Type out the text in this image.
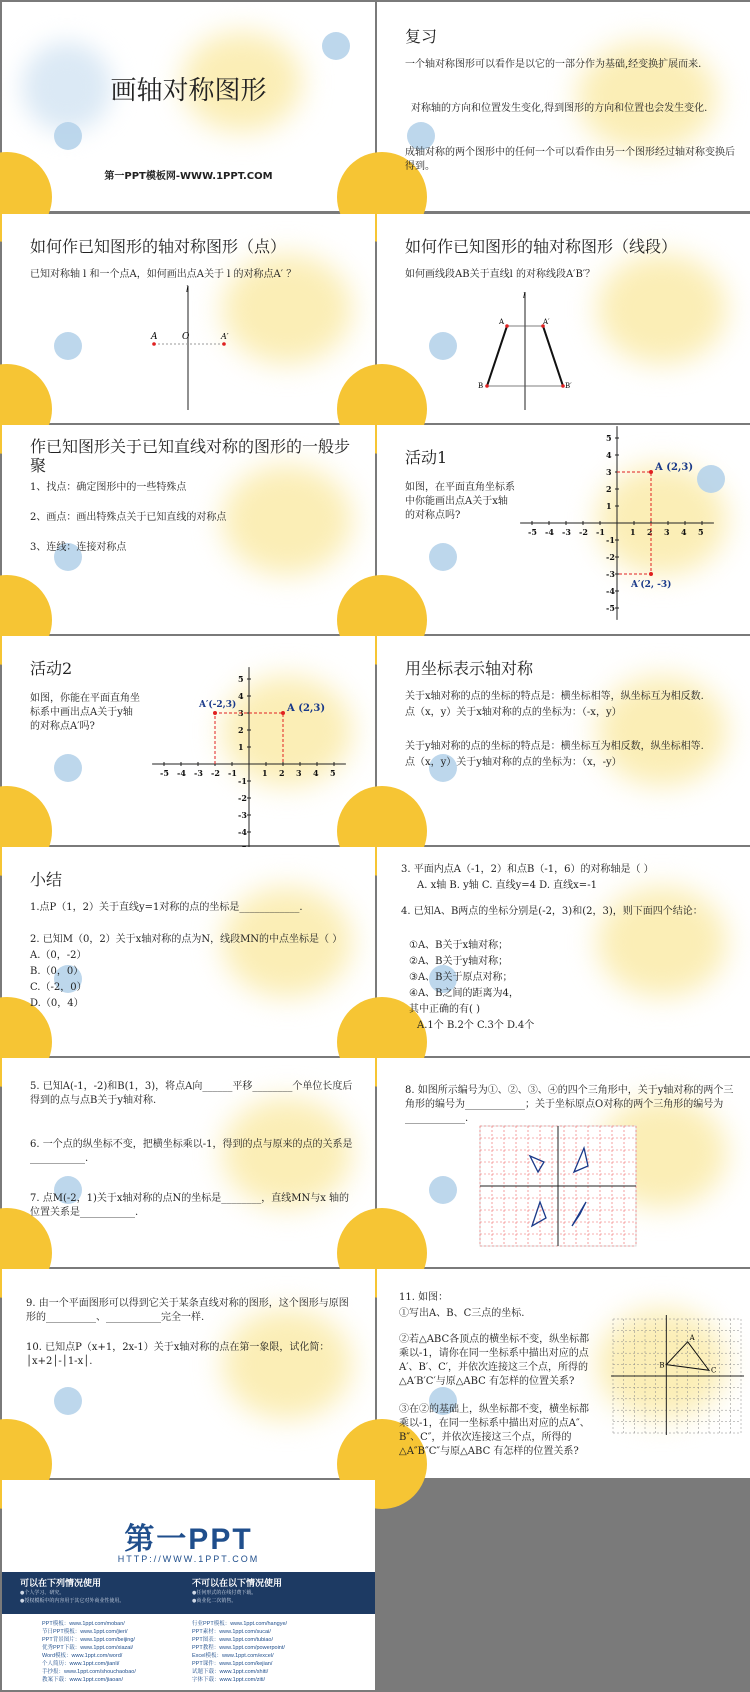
画轴对称图形
第一PPT模板网-WWW.1PPT.COM
复习
一个轴对称图形可以看作是以它的一部分作为基础,经变换扩展而来.
对称轴的方向和位置发生变化,得到图形的方向和位置也会发生变化.
成轴对称的两个图形中的任何一个可以看作由另一个图形经过轴对称变换后得到。
如何作已知图形的轴对称图形（点）
已知对称轴 l 和一个点A，如何画出点A关于 l 的对称点A′ ？
l
A	O	A′
如何作已知图形的轴对称图形（线段）
如何画线段AB关于直线l 的对称线段A′B′？
l
A	A′
B	B′
作已知图形关于已知直线对称的图形的一般步聚
1、找点：确定图形中的一些特殊点
2、画点：画出特殊点关于已知直线的对称点
3、连线：连接对称点
活动1
如图，在平面直角坐标系中你能画出点A关于x轴的对称点吗?
-5
-5
-4
-4
-3
-3
-2
-2
-1
-1
1
1
2
2
3
3
4
4
5
5
A (2,3)
A′(2, -3)
活动2
如图，你能在平面直角坐标系中画出点A关于y轴的对称点A′吗?
-5 -4
-4
-3
-3
-2
-2
-1
-1
1
1
2
2
3
3
4
4
5
5
A (2,3)
A′(-2,3)
用坐标表示轴对称
关于x轴对称的点的坐标的特点是：横坐标相等，纵坐标互为相反数.
点（x，y）关于x轴对称的点的坐标为：（-x，y）
关于y轴对称的点的坐标的特点是：横坐标互为相反数，纵坐标相等.
点（x，y）关于y轴对称的点的坐标为：（x，-y）
小结
1.点P（1，2）关于直线y=1对称的点的坐标是____________.
2. 已知M（0，2）关于x轴对称的点为N，线段MN的中点坐标是（ ）
A.（0，-2）
B.（0，0）
C.（-2，0）
D.（0，4）
3. 平面内点A（-1，2）和点B（-1，6）的对称轴是（ ）
A. x轴 B. y轴 C. 直线y=4 D. 直线x=-1
4. 已知A、B两点的坐标分别是(-2，3)和(2，3)，则下面四个结论：
①A、B关于x轴对称；
②A、B关于y轴对称；
③A、B关于原点对称；
④A、B之间的距离为4，
其中正确的有( )
A.1个 B.2个 C.3个 D.4个
5. 已知A(-1，-2)和B(1，3)，将点A向______平移________个单位长度后得到的点与点B关于y轴对称.
6. 一个点的纵坐标不变，把横坐标乘以-1，得到的点与原来的点的关系是___________.
7. 点M(-2，1)关于x轴对称的点N的坐标是________，直线MN与x 轴的位置关系是___________.
8. 如图所示编号为①、②、③、④的四个三角形中，关于y轴对称的两个三角形的编号为____________；关于坐标原点O对称的两个三角形的编号为____________.
9. 由一个平面图形可以得到它关于某条直线对称的图形，这个图形与原图形的__________、___________完全一样.
10. 已知点P（x+1，2x-1）关于x轴对称的点在第一象限，试化简：│x+2│-│1-x│.
11. 如图：
①写出A、B、C三点的坐标.
②若△ABC各顶点的横坐标不变，纵坐标都乘以-1，请你在同一坐标系中描出对应的点A′、B′、C′，并依次连接这三个点，所得的△A′B′C′与原△ABC 有怎样的位置关系?
③在②的基础上，纵坐标都不变，横坐标都乘以-1，在同一坐标系中描出对应的点A″、B″、C″，并依次连接这三个点，所得的△A″B″C″与原△ABC 有怎样的位置关系?
A
B
C
第一PPT
HTTP://WWW.1PPT.COM
可以在下列情况使用
●个人学习、研究。
●授权模板中的内容用于其它对外商业性使用。
不可以在以下情况使用
●任何形式的在线付费下载。
●商业化二次销售。
PPT模板：www.1ppt.com/moban/
节日PPT模板：www.1ppt.com/jieri/
PPT背景图片：www.1ppt.com/beijing/
优秀PPT下载：www.1ppt.com/xiazai/
Word模板：www.1ppt.com/word/
个人简历：www.1ppt.com/jianli/
手抄报：www.1ppt.com/shouchaobao/
教案下载：www.1ppt.com/jiaoan/
行业PPT模板：www.1ppt.com/hangye/
PPT素材：www.1ppt.com/sucai/
PPT图表：www.1ppt.com/tubiao/
PPT教程：www.1ppt.com/powerpoint/
Excel模板：www.1ppt.com/excel/
PPT课件：www.1ppt.com/kejian/
试题下载：www.1ppt.com/shiti/
字体下载：www.1ppt.com/ziti/
